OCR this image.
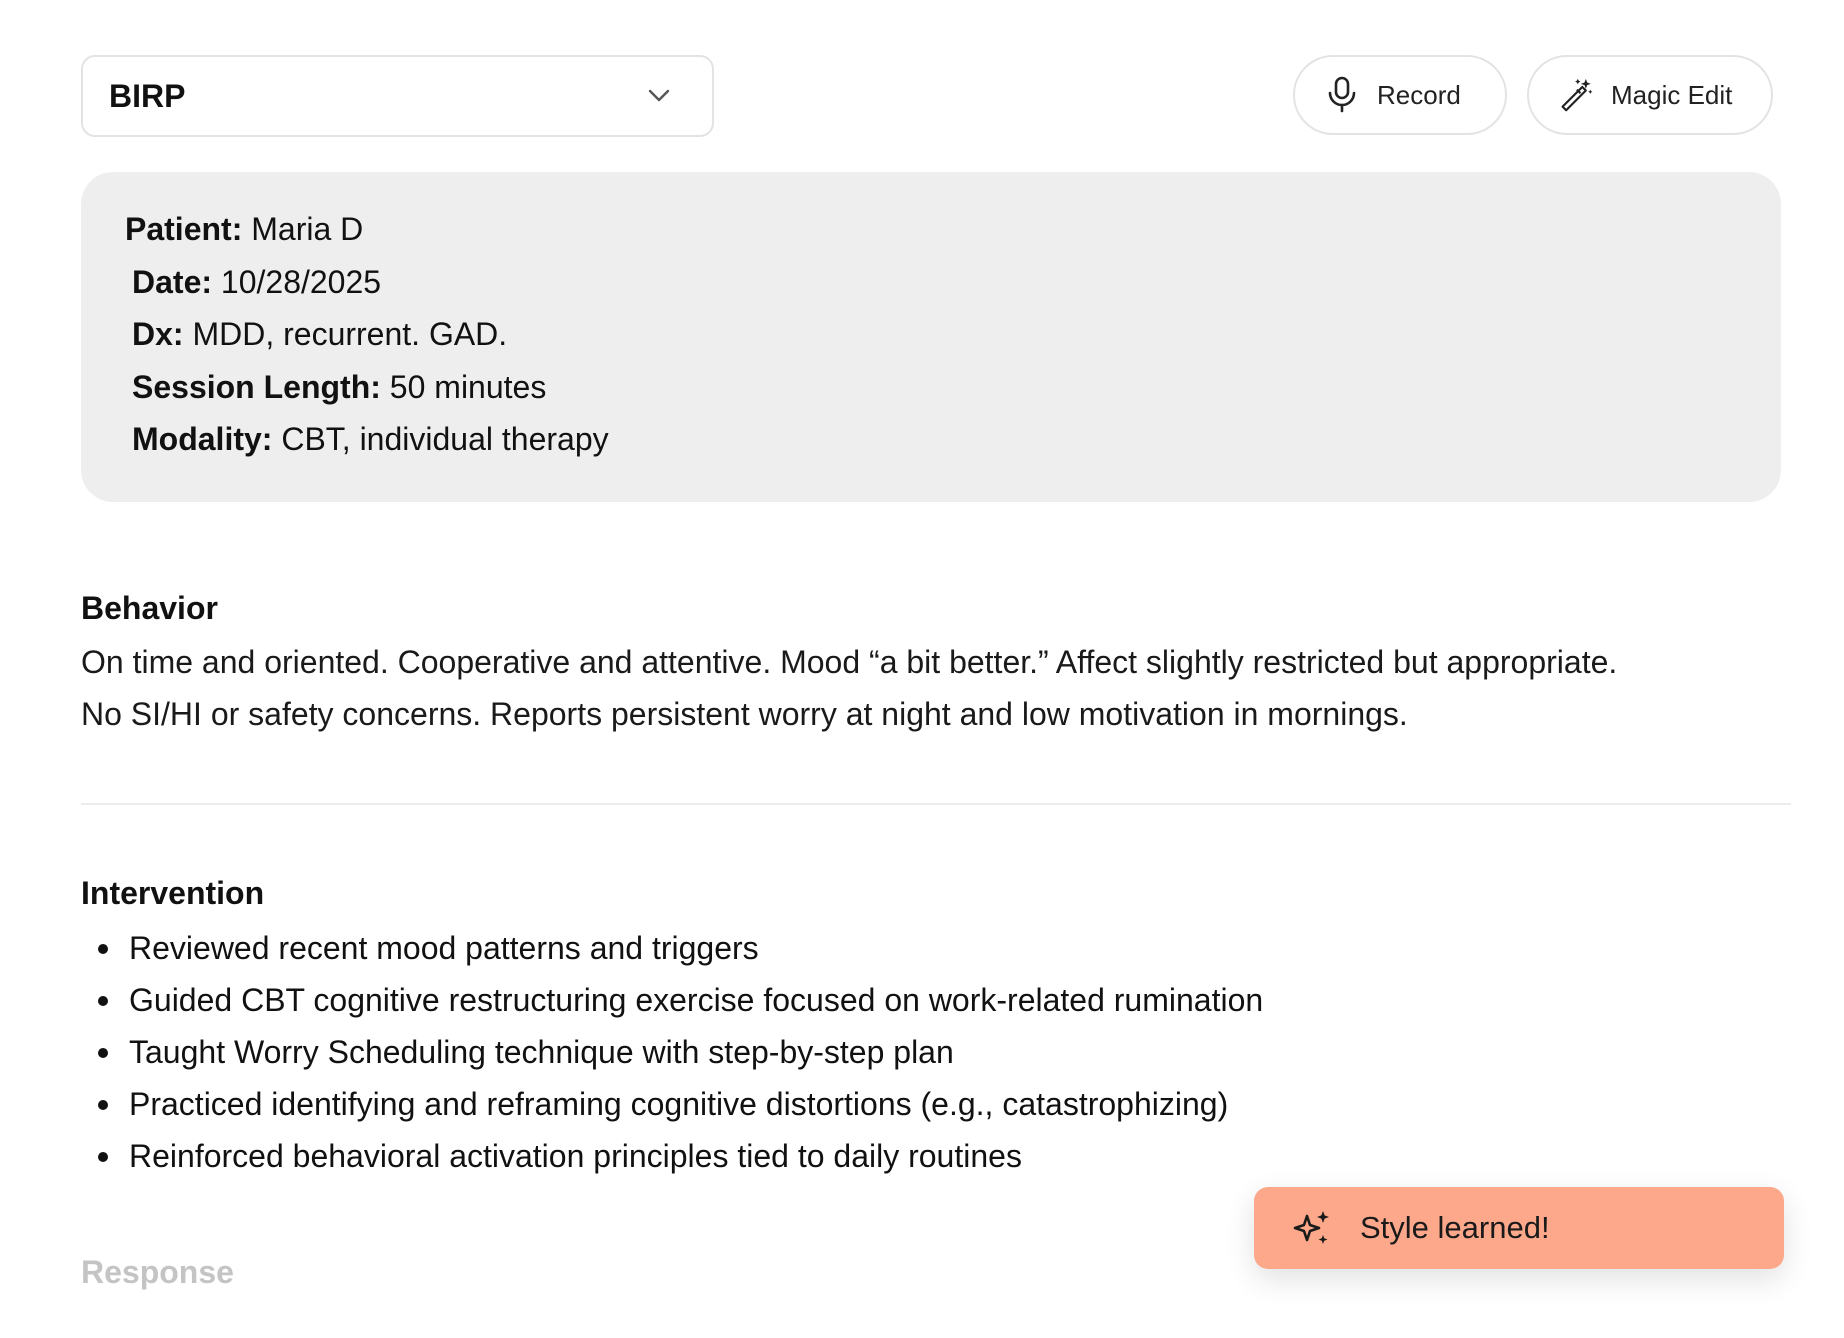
BIRP	Record	Magic Edit
Patient: Maria D
Date: 10/28/2025
Dx: MDD, recurrent. GAD.
Session Length: 50 minutes
Modality: CBT, individual therapy
Behavior
On time and oriented. Cooperative and attentive. Mood “a bit better.” Affect slightly restricted but appropriate.
No SI/HI or safety concerns. Reports persistent worry at night and low motivation in mornings.
Intervention
Reviewed recent mood patterns and triggers
Guided CBT cognitive restructuring exercise focused on work-related rumination
Taught Worry Scheduling technique with step-by-step plan
Practiced identifying and reframing cognitive distortions (e.g., catastrophizing)
Reinforced behavioral activation principles tied to daily routines
Response
Style learned!
